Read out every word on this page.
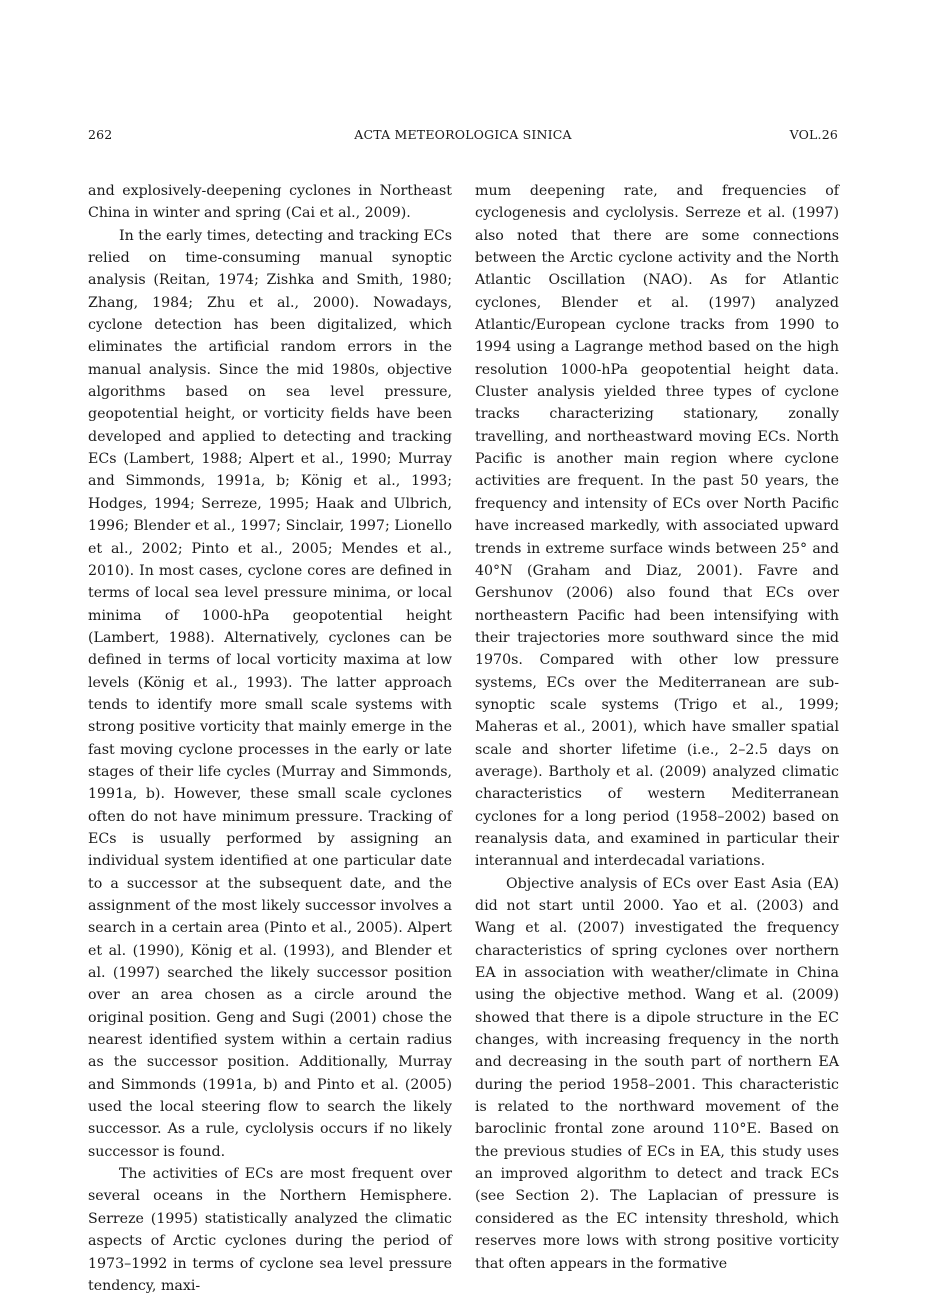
262	ACTA METEOROLOGICA SINICA	VOL.26

and explosively-deepening cyclones in Northeast China in winter and spring (Cai et al., 2009).

In the early times, detecting and tracking ECs relied on time-consuming manual synoptic analysis (Reitan, 1974; Zishka and Smith, 1980; Zhang, 1984; Zhu et al., 2000). Nowadays, cyclone detection has been digitalized, which eliminates the artificial random errors in the manual analysis. Since the mid 1980s, objective algorithms based on sea level pressure, geopotential height, or vorticity fields have been developed and applied to detecting and tracking ECs (Lambert, 1988; Alpert et al., 1990; Murray and Simmonds, 1991a, b; König et al., 1993; Hodges, 1994; Serreze, 1995; Haak and Ulbrich, 1996; Blender et al., 1997; Sinclair, 1997; Lionello et al., 2002; Pinto et al., 2005; Mendes et al., 2010). In most cases, cyclone cores are defined in terms of local sea level pressure minima, or local minima of 1000-hPa geopotential height (Lambert, 1988). Alternatively, cyclones can be defined in terms of local vorticity maxima at low levels (König et al., 1993). The latter approach tends to identify more small scale systems with strong positive vorticity that mainly emerge in the fast moving cyclone processes in the early or late stages of their life cycles (Murray and Simmonds, 1991a, b). However, these small scale cyclones often do not have minimum pressure. Tracking of ECs is usually performed by assigning an individual system identified at one particular date to a successor at the subsequent date, and the assignment of the most likely successor involves a search in a certain area (Pinto et al., 2005). Alpert et al. (1990), König et al. (1993), and Blender et al. (1997) searched the likely successor position over an area chosen as a circle around the original position. Geng and Sugi (2001) chose the nearest identified system within a certain radius as the successor position. Additionally, Murray and Simmonds (1991a, b) and Pinto et al. (2005) used the local steering flow to search the likely successor. As a rule, cyclolysis occurs if no likely successor is found.

The activities of ECs are most frequent over several oceans in the Northern Hemisphere. Serreze (1995) statistically analyzed the climatic aspects of Arctic cyclones during the period of 1973–1992 in terms of cyclone sea level pressure tendency, maxi-

mum deepening rate, and frequencies of cyclogenesis and cyclolysis. Serreze et al. (1997) also noted that there are some connections between the Arctic cyclone activity and the North Atlantic Oscillation (NAO). As for Atlantic cyclones, Blender et al. (1997) analyzed Atlantic/European cyclone tracks from 1990 to 1994 using a Lagrange method based on the high resolution 1000-hPa geopotential height data. Cluster analysis yielded three types of cyclone tracks characterizing stationary, zonally travelling, and northeastward moving ECs. North Pacific is another main region where cyclone activities are frequent. In the past 50 years, the frequency and intensity of ECs over North Pacific have increased markedly, with associated upward trends in extreme surface winds between 25° and 40°N (Graham and Diaz, 2001). Favre and Gershunov (2006) also found that ECs over northeastern Pacific had been intensifying with their trajectories more southward since the mid 1970s. Compared with other low pressure systems, ECs over the Mediterranean are sub-synoptic scale systems (Trigo et al., 1999; Maheras et al., 2001), which have smaller spatial scale and shorter lifetime (i.e., 2–2.5 days on average). Bartholy et al. (2009) analyzed climatic characteristics of western Mediterranean cyclones for a long period (1958–2002) based on reanalysis data, and examined in particular their interannual and interdecadal variations.

Objective analysis of ECs over East Asia (EA) did not start until 2000. Yao et al. (2003) and Wang et al. (2007) investigated the frequency characteristics of spring cyclones over northern EA in association with weather/climate in China using the objective method. Wang et al. (2009) showed that there is a dipole structure in the EC changes, with increasing frequency in the north and decreasing in the south part of northern EA during the period 1958–2001. This characteristic is related to the northward movement of the baroclinic frontal zone around 110°E. Based on the previous studies of ECs in EA, this study uses an improved algorithm to detect and track ECs (see Section 2). The Laplacian of pressure is considered as the EC intensity threshold, which reserves more lows with strong positive vorticity that often appears in the formative
